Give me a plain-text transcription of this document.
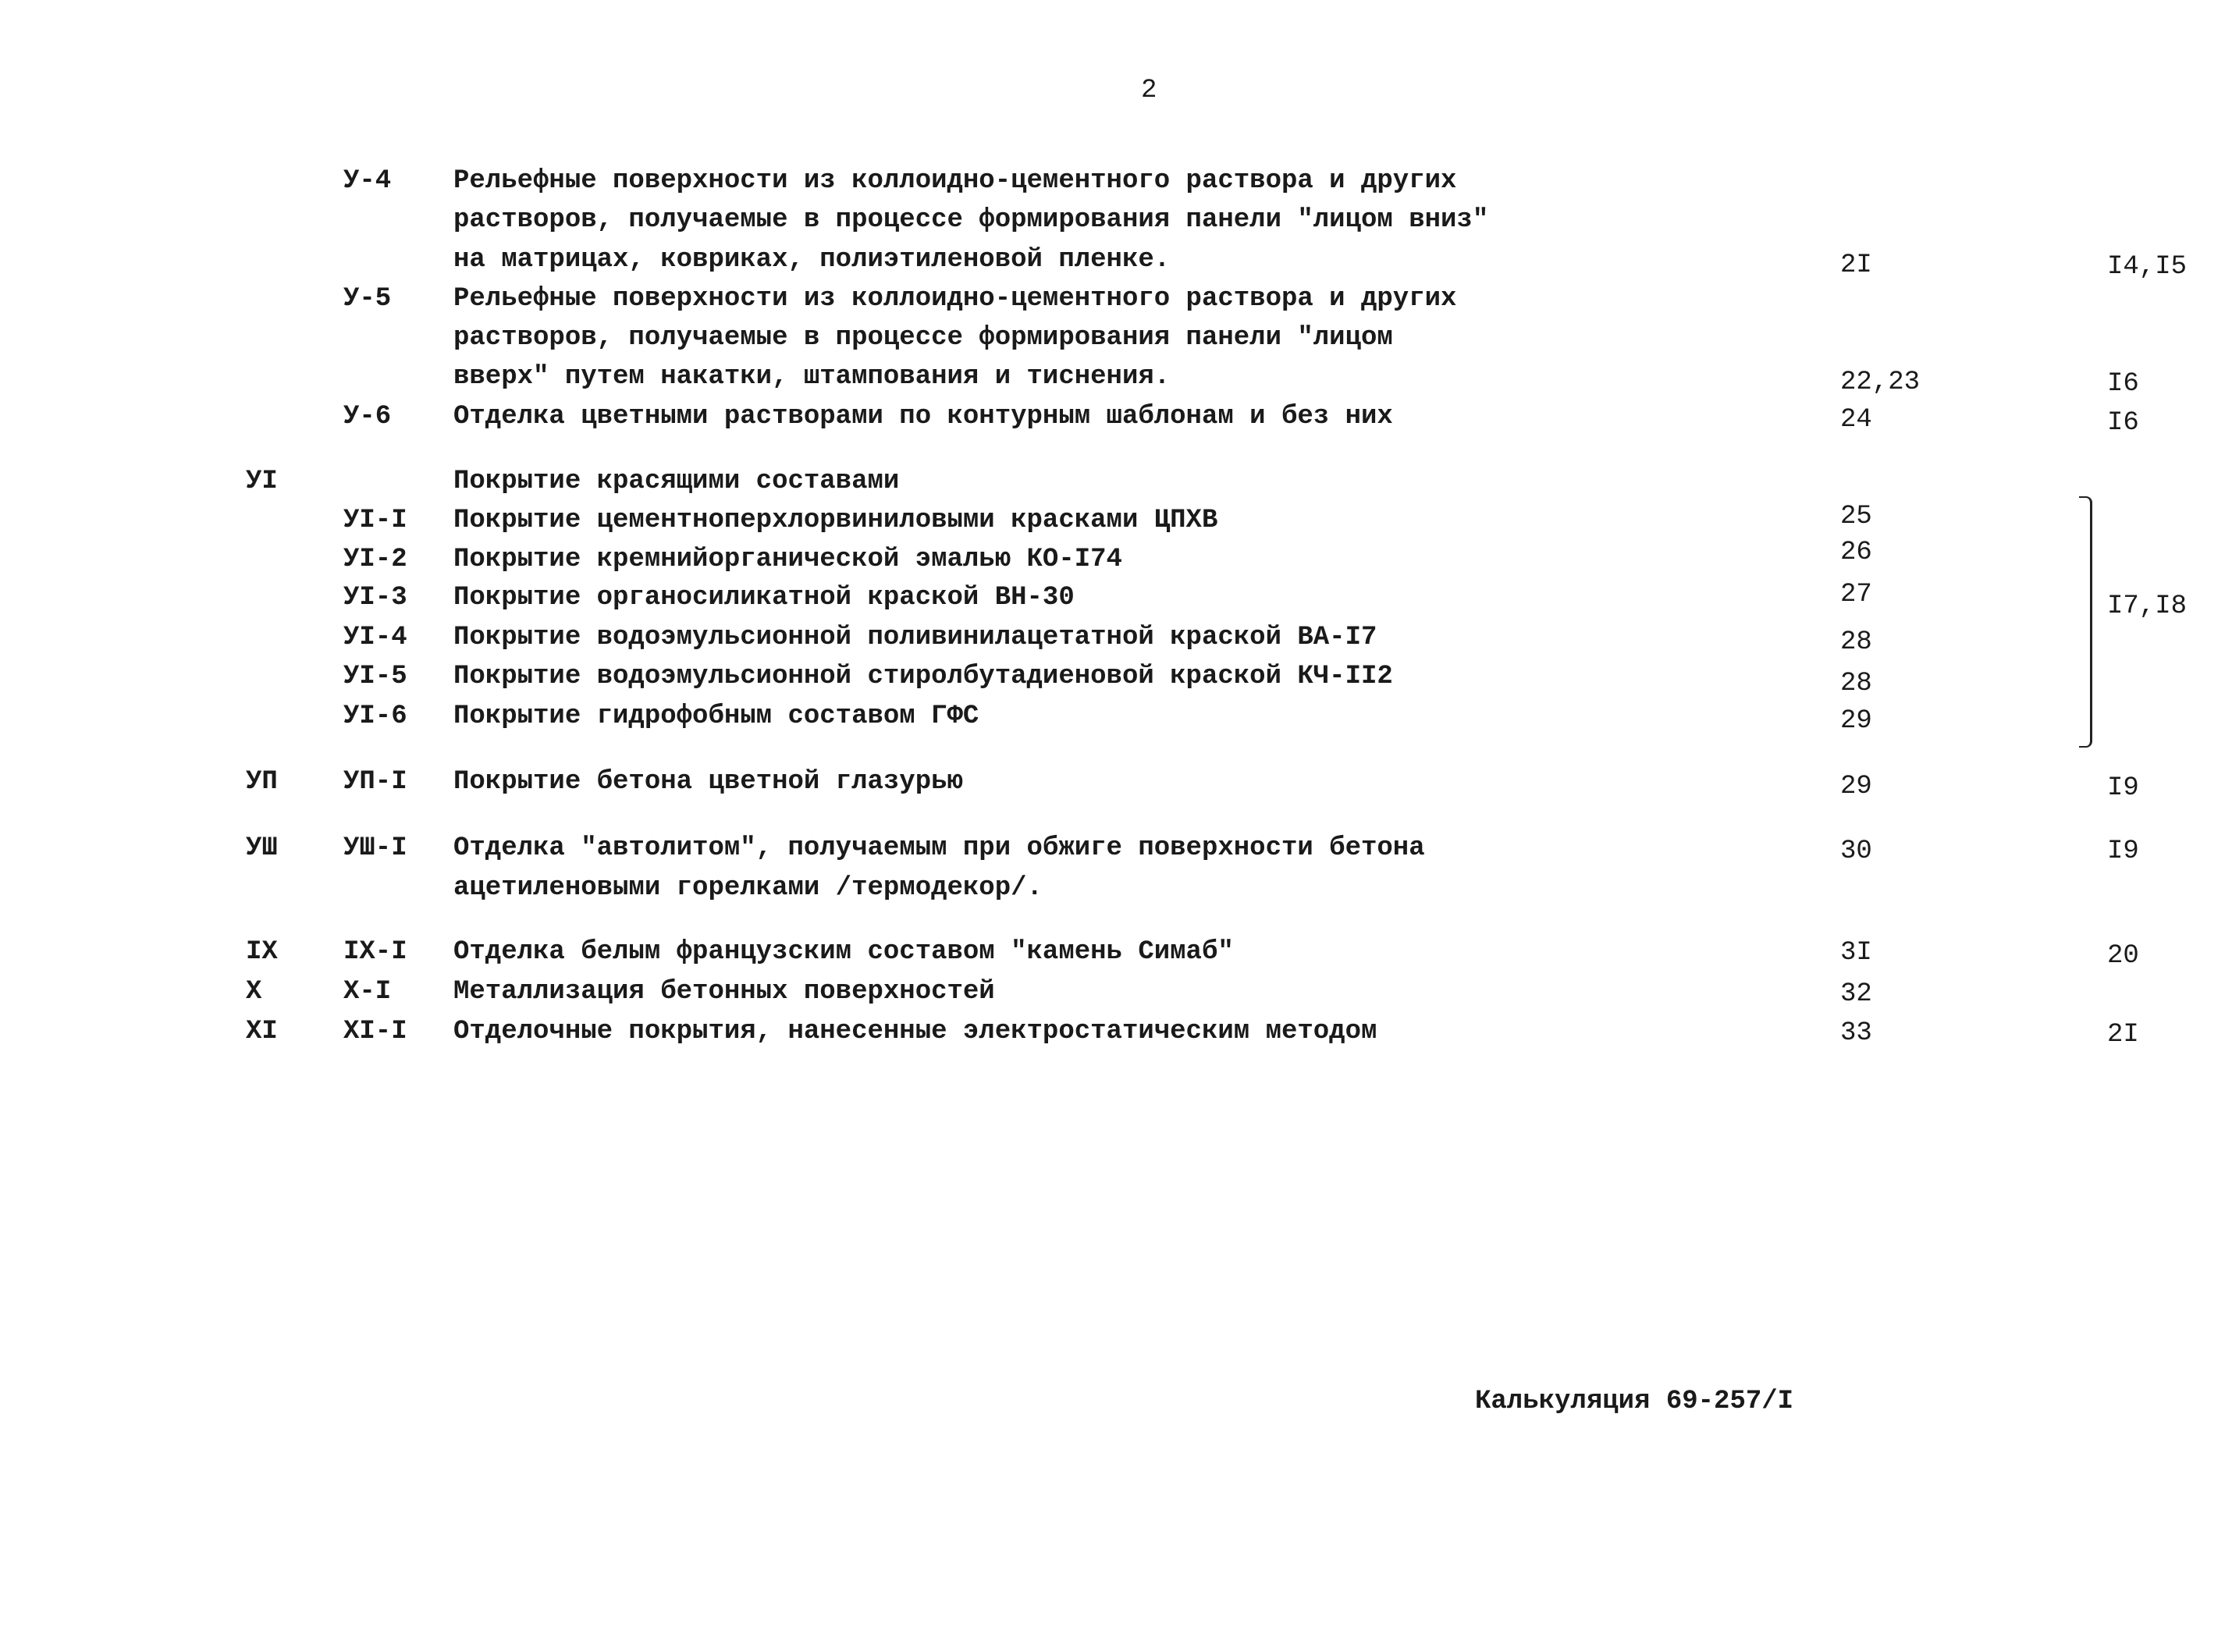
2
У-4 Рельефные поверхности из коллоидно-цементного раствора и других
растворов, получаемые в процессе формирования панели "лицом вниз"
на матрицах, ковриках, полиэтиленовой пленке.	2I	I4,I5
У-5 Рельефные поверхности из коллоидно-цементного раствора и других
растворов, получаемые в процессе формирования панели "лицом
вверх" путем накатки, штампования и тиснения.	22,23	I6
У-6 Отделка цветными растворами по контурным шаблонам и без них	24	I6
УI	Покрытие красящими составами
УI-I Покрытие цементноперхлорвиниловыми красками ЦПХВ	25
УI-2 Покрытие кремнийорганической эмалью КО-I74	26
УI-3 Покрытие органосиликатной краской ВН-30	27
УI-4 Покрытие водоэмульсионной поливинилацетатной краской ВА-I7	28
УI-5 Покрытие водоэмульсионной стиролбутадиеновой краской КЧ-II2	28
УI-6 Покрытие гидрофобным составом ГФС	29
I7,I8
УП УП-I Покрытие бетона цветной глазурью	29	I9
УШ УШ-I Отделка "автолитом", получаемым при обжиге поверхности бетона
ацетиленовыми горелками /термодекор/.
30	I9
IX IX-I Отделка белым французским составом "камень Симаб"	3I	20
X	X-I Металлизация бетонных поверхностей	32
XI XI-I Отделочные покрытия, нанесенные электростатическим методом	33	2I
Калькуляция 69-257/I
